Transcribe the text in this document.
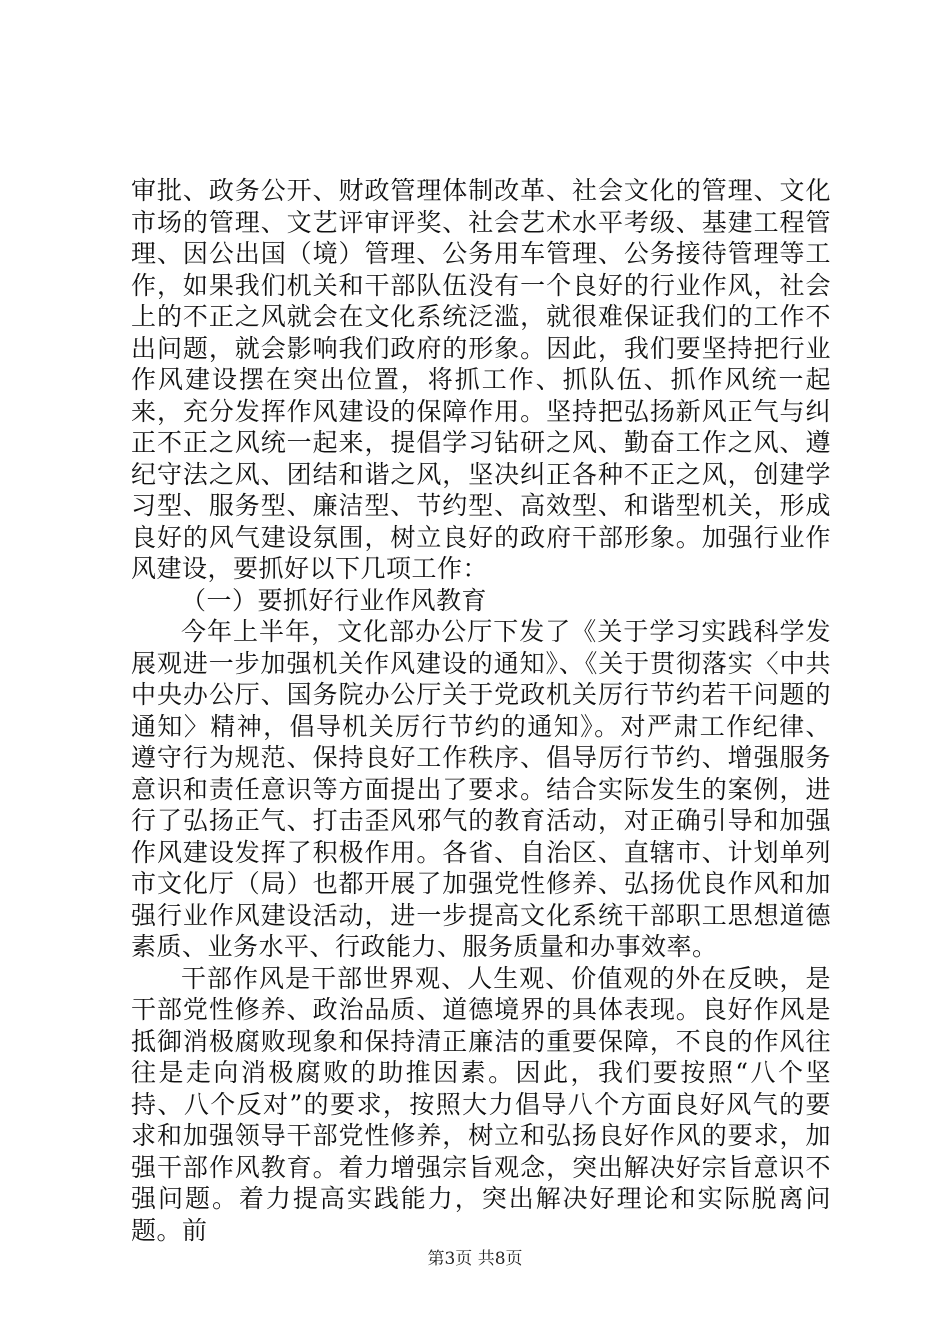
审批、政务公开、财政管理体制改革、社会文化的管理、文化市场的管理、文艺评审评奖、社会艺术水平考级、基建工程管理、因公出国（境）管理、公务用车管理、公务接待管理等工作，如果我们机关和干部队伍没有一个良好的行业作风，社会上的不正之风就会在文化系统泛滥，就很难保证我们的工作不出问题，就会影响我们政府的形象。因此，我们要坚持把行业作风建设摆在突出位置，将抓工作、抓队伍、抓作风统一起来，充分发挥作风建设的保障作用。坚持把弘扬新风正气与纠正不正之风统一起来，提倡学习钻研之风、勤奋工作之风、遵纪守法之风、团结和谐之风，坚决纠正各种不正之风，创建学习型、服务型、廉洁型、节约型、高效型、和谐型机关，形成良好的风气建设氛围，树立良好的政府干部形象。加强行业作风建设，要抓好以下几项工作：

（一）要抓好行业作风教育

今年上半年，文化部办公厅下发了《关于学习实践科学发展观进一步加强机关作风建设的通知》、《关于贯彻落实〈中共中央办公厅、国务院办公厅关于党政机关厉行节约若干问题的通知〉精神，倡导机关厉行节约的通知》。对严肃工作纪律、遵守行为规范、保持良好工作秩序、倡导厉行节约、增强服务意识和责任意识等方面提出了要求。结合实际发生的案例，进行了弘扬正气、打击歪风邪气的教育活动，对正确引导和加强作风建设发挥了积极作用。各省、自治区、直辖市、计划单列市文化厅（局）也都开展了加强党性修养、弘扬优良作风和加强行业作风建设活动，进一步提高文化系统干部职工思想道德素质、业务水平、行政能力、服务质量和办事效率。

干部作风是干部世界观、人生观、价值观的外在反映，是干部党性修养、政治品质、道德境界的具体表现。良好作风是抵御消极腐败现象和保持清正廉洁的重要保障，不良的作风往往是走向消极腐败的助推因素。因此，我们要按照“八个坚持、八个反对”的要求，按照大力倡导八个方面良好风气的要求和加强领导干部党性修养，树立和弘扬良好作风的要求，加强干部作风教育。着力增强宗旨观念，突出解决好宗旨意识不强问题。着力提高实践能力，突出解决好理论和实际脱离问题。前

第3页 共8页
